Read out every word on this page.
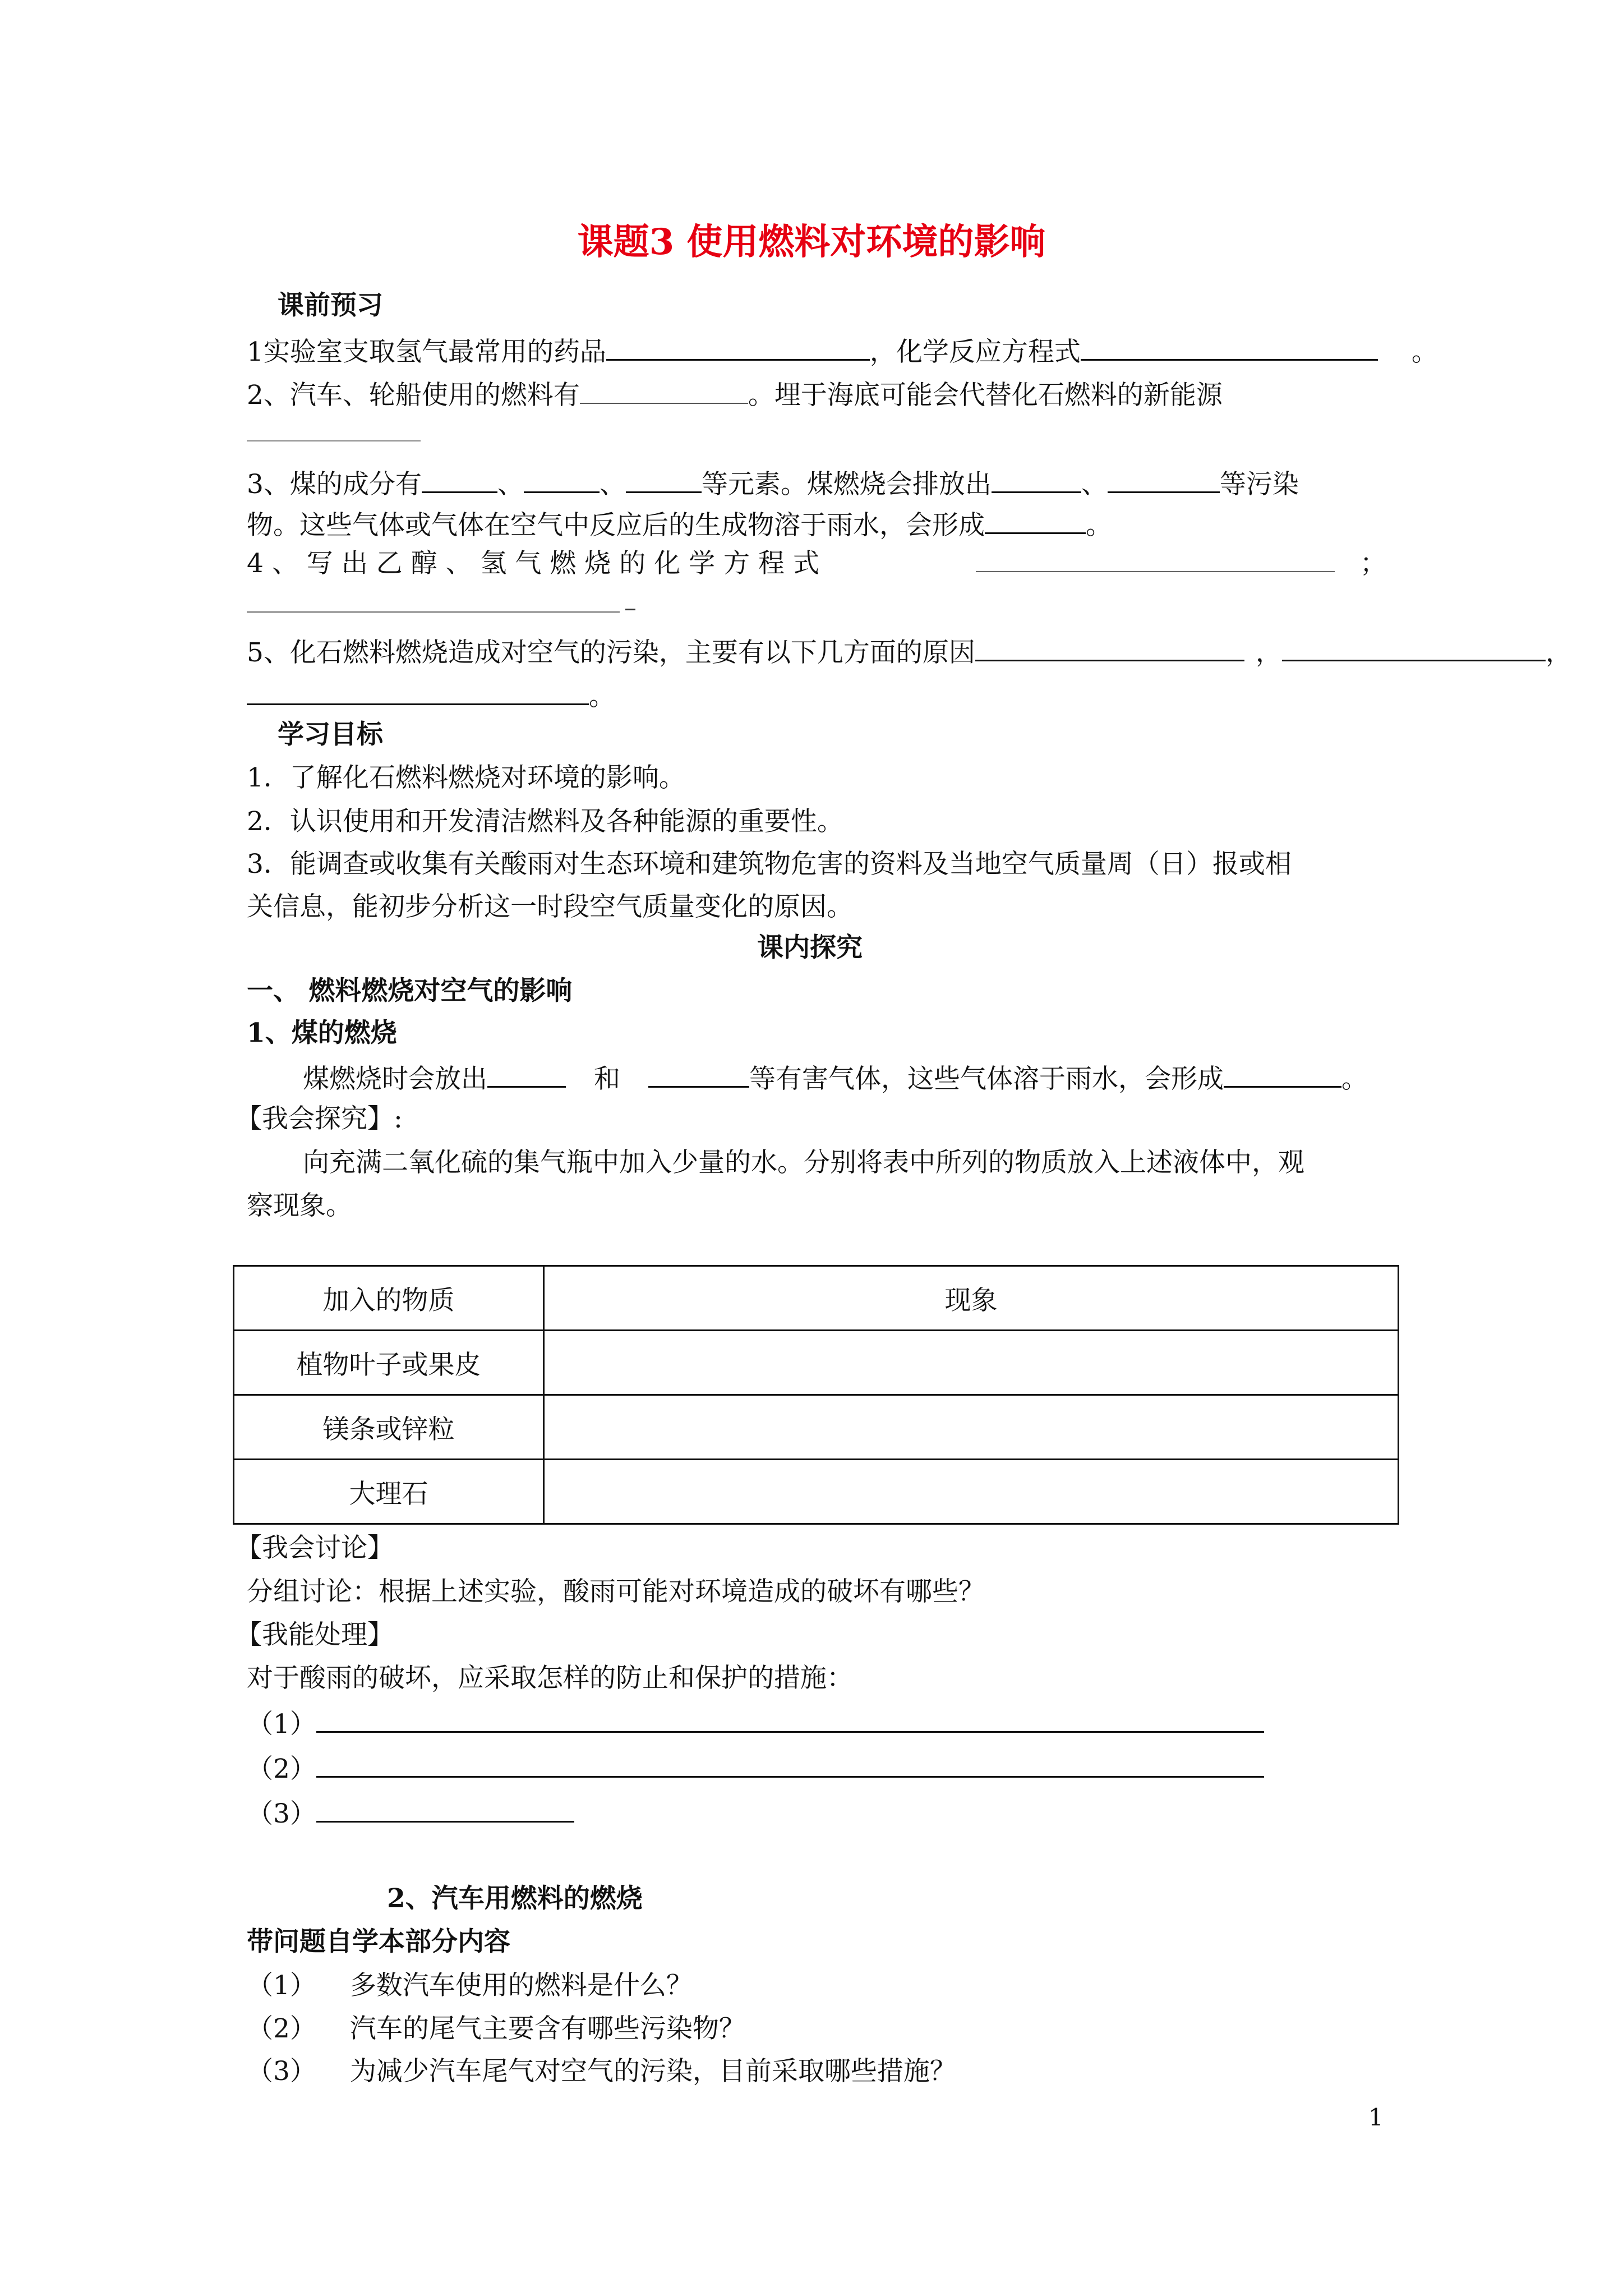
课题3 使用燃料对环境的影响
课前预习
1实验室支取氢气最常用的药品	，化学反应方程式	。
2、汽车、轮船使用的燃料有	。埋于海底可能会代替化石燃料的新能源
3、煤的成分有	、	、	等元素。煤燃烧会排放出	、	等污染
物。这些气体或气体在空气中反应后的生成物溶于雨水，会形成	。
4 、 写 出 乙 醇 、 氢 气 燃 烧 的 化 学 方 程 式	；
5、化石燃料燃烧造成对空气的污染，主要有以下几方面的原因	，	，
。
学习目标
1．了解化石燃料燃烧对环境的影响。
2．认识使用和开发清洁燃料及各种能源的重要性。
3．能调查或收集有关酸雨对生态环境和建筑物危害的资料及当地空气质量周（日）报或相
关信息，能初步分析这一时段空气质量变化的原因。
课内探究
一、 燃料燃烧对空气的影响
1、煤的燃烧
煤燃烧时会放出	和	等有害气体，这些气体溶于雨水，会形成	。
【我会探究】:
向充满二氧化硫的集气瓶中加入少量的水。分别将表中所列的物质放入上述液体中，观
察现象。
加入的物质	现象
植物叶子或果皮	
镁条或锌粒	
大理石	
【我会讨论】
分组讨论：根据上述实验，酸雨可能对环境造成的破坏有哪些？
【我能处理】
对于酸雨的破坏，应采取怎样的防止和保护的措施：
（1）
（2）
（3）
2、汽车用燃料的燃烧
带问题自学本部分内容
（1） 多数汽车使用的燃料是什么？
（2） 汽车的尾气主要含有哪些污染物？
（3） 为减少汽车尾气对空气的污染，目前采取哪些措施？
1
